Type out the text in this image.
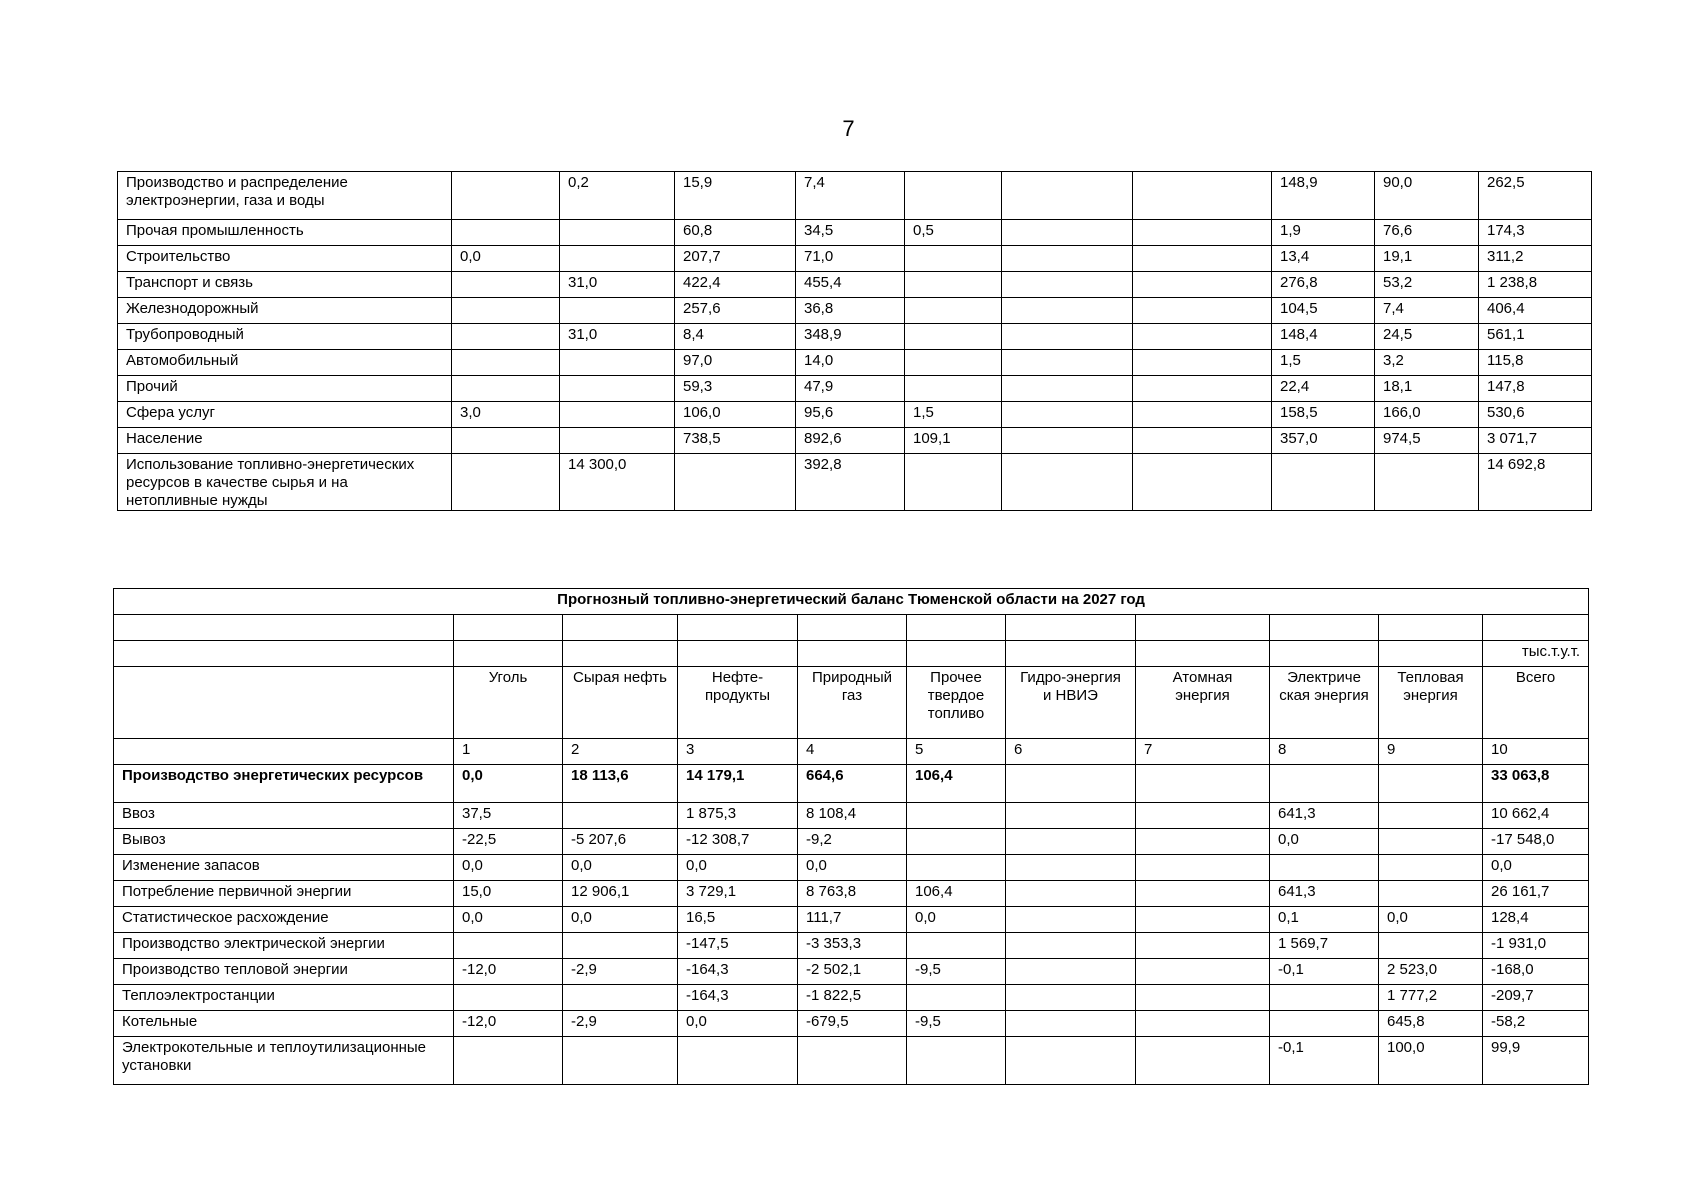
7
Производство и распределение электроэнергии, газа и воды		0,2	15,9	7,4				148,9	90,0	262,5
Прочая промышленность			60,8	34,5	0,5			1,9	76,6	174,3
Строительство	0,0		207,7	71,0				13,4	19,1	311,2
Транспорт и связь		31,0	422,4	455,4				276,8	53,2	1 238,8
Железнодорожный			257,6	36,8				104,5	7,4	406,4
Трубопроводный		31,0	8,4	348,9				148,4	24,5	561,1
Автомобильный			97,0	14,0				1,5	3,2	115,8
Прочий			59,3	47,9				22,4	18,1	147,8
Сфера услуг	3,0		106,0	95,6	1,5			158,5	166,0	530,6
Население			738,5	892,6	109,1			357,0	974,5	3 071,7
Использование топливно-энергетических ресурсов в качестве сырья и на нетопливные нужды		14 300,0		392,8						14 692,8
Прогнозный топливно-энергетический баланс Тюменской области на 2027 год										

										тыс.т.у.т.
	Уголь	Сырая нефть	Нефте-продукты	Природный газ	Прочее твердое топливо	Гидро-энергия и НВИЭ	Атомная энергия	Электриче ская энергия	Тепловая энергия	Всего
	1	2	3	4	5	6	7	8	9	10
Производство энергетических ресурсов	0,0	18 113,6	14 179,1	664,6	106,4					33 063,8
Ввоз	37,5		1 875,3	8 108,4				641,3		10 662,4
Вывоз	-22,5	-5 207,6	-12 308,7	-9,2				0,0		-17 548,0
Изменение запасов	0,0	0,0	0,0	0,0						0,0
Потребление первичной энергии	15,0	12 906,1	3 729,1	8 763,8	106,4			641,3		26 161,7
Статистическое расхождение	0,0	0,0	16,5	111,7	0,0			0,1	0,0	128,4
Производство электрической энергии			-147,5	-3 353,3				1 569,7		-1 931,0
Производство тепловой энергии	-12,0	-2,9	-164,3	-2 502,1	-9,5			-0,1	2 523,0	-168,0
Теплоэлектростанции			-164,3	-1 822,5					1 777,2	-209,7
Котельные	-12,0	-2,9	0,0	-679,5	-9,5				645,8	-58,2
Электрокотельные и теплоутилизационные установки								-0,1	100,0	99,9
